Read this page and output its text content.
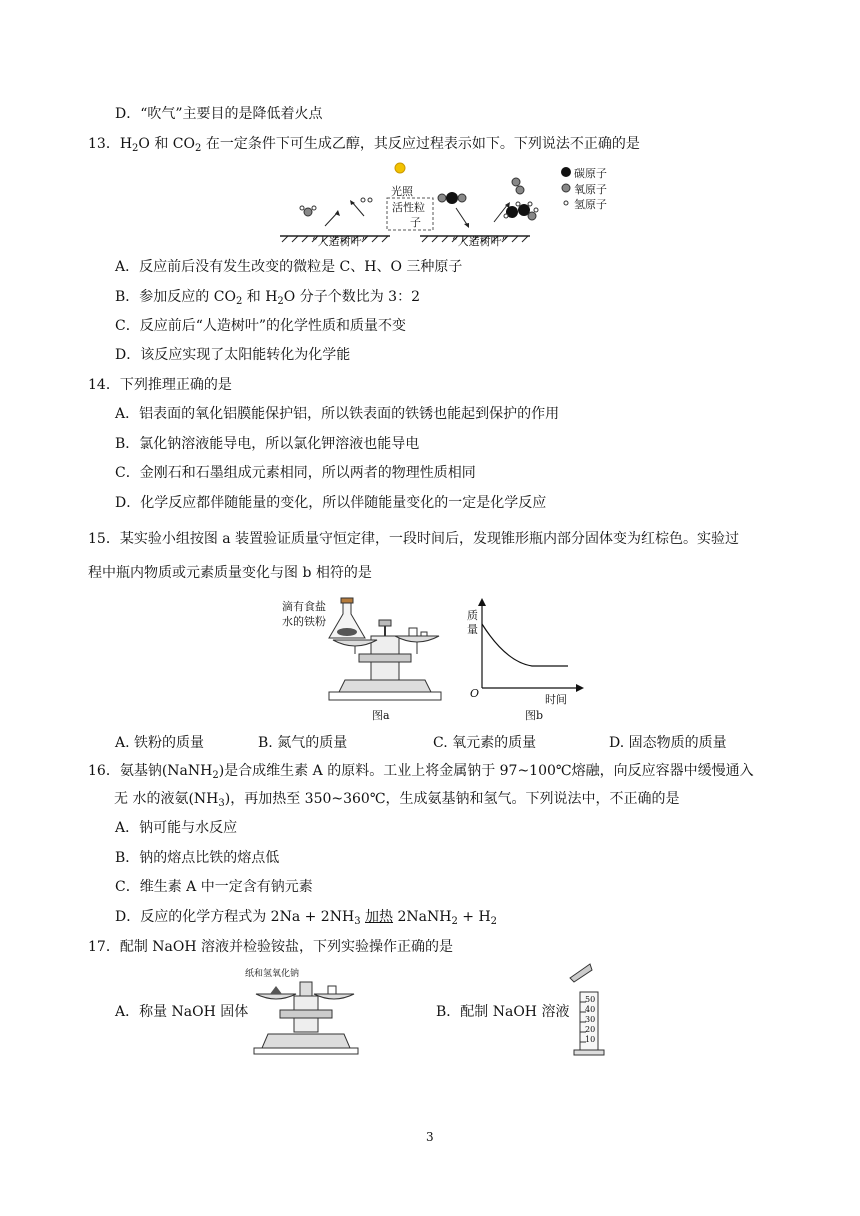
D．“吹气”主要目的是降低着火点
13．$H_2O$ 和 $CO_2$ 在一定条件下可生成乙醇，其反应过程表示如下。下列说法不正确的是
光照
活性粒
子
“人造树叶”	“人造树叶”
碳原子
氧原子
氢原子
A．反应前后没有发生改变的微粒是 C、H、O 三种原子
B．参加反应的 $CO_2$ 和 $H_2O$ 分子个数比为 3：2
C．反应前后“人造树叶”的化学性质和质量不变
D．该反应实现了太阳能转化为化学能
14．下列推理正确的是
A．铝表面的氧化铝膜能保护铝，所以铁表面的铁锈也能起到保护的作用
B．氯化钠溶液能导电，所以氯化钾溶液也能导电
C．金刚石和石墨组成元素相同，所以两者的物理性质相同
D．化学反应都伴随能量的变化，所以伴随能量变化的一定是化学反应
15．某实验小组按图 a 装置验证质量守恒定律，一段时间后，发现锥形瓶内部分固体变为红棕色。实验过
程中瓶内物质或元素质量变化与图 b 相符的是
滴有食盐
水的铁粉
图a
质
量
O	时间
图b
A. 铁粉的质量	B. 氮气的质量	C. 氧元素的质量	D. 固态物质的质量
16．氨基钠(NaNH$_2$)是合成维生素 A 的原料。工业上将金属钠于 97~100℃熔融，向反应容器中缓慢通入
无 水的液氨$(NH_3)$，再加热至 350~360℃，生成氨基钠和氢气。下列说法中，不正确的是
A．钠可能与水反应
B．钠的熔点比铁的熔点低
C．维生素 A 中一定含有钠元素
D．反应的化学方程式为 $2Na + 2NH_3$ 加热 2NaNH$_2$ + $H_2$
17．配制 NaOH 溶液并检验铵盐，下列实验操作正确的是
纸和氢氧化钠
A．称量 NaOH 固体	B．配制 NaOH 溶液
50
40
30
20
10
3
